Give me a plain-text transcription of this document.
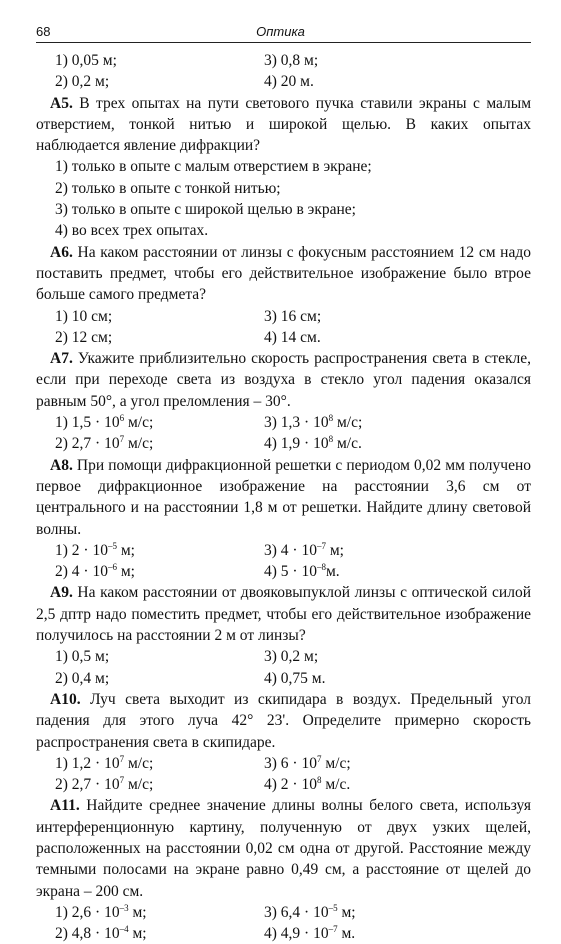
68	Оптика
1) 0,05 м;	3) 0,8 м;
2) 0,2 м;	4) 20 м.
А5. В трех опытах на пути светового пучка ставили экраны с малым отверстием, тонкой нитью и широкой щелью. В каких опытах наблюдается явление дифракции?
1) только в опыте с малым отверстием в экране;
2) только в опыте с тонкой нитью;
3) только в опыте с широкой щелью в экране;
4) во всех трех опытах.
А6. На каком расстоянии от линзы с фокусным расстоянием 12 см надо поставить предмет, чтобы его действительное изображение было втрое больше самого предмета?
1) 10 см;	3) 16 см;
2) 12 см;	4) 14 см.
А7. Укажите приблизительно скорость распространения света в стекле, если при переходе света из воздуха в стекло угол падения оказался равным 50°, а угол преломления – 30°.
1) $1,5 \cdot 10^6$ м/с;	3) $1,3 \cdot 10^8$ м/с;
2) $2,7 \cdot 10^7$ м/с;	4) $1,9 \cdot 10^8$ м/с.
А8. При помощи дифракционной решетки с периодом 0,02 мм получено первое дифракционное изображение на расстоянии 3,6 см от центрального и на расстоянии 1,8 м от решетки. Найдите длину световой волны.
1) $2 \cdot 10^{-5}$ м;	3) $4 \cdot 10^{-7}$ м;
2) $4 \cdot 10^{-6}$ м;	4) $5 \cdot 10^{-8}м$.
А9. На каком расстоянии от двояковыпуклой линзы с оптической силой 2,5 дптр надо поместить предмет, чтобы его действительное изображение получилось на расстоянии 2 м от линзы?
1) 0,5 м;	3) 0,2 м;
2) 0,4 м;	4) 0,75 м.
А10. Луч света выходит из скипидара в воздух. Предельный угол падения для этого луча 42° 23'. Определите примерно скорость распространения света в скипидаре.
1) $1,2 \cdot 10^7$ м/с;	3) $6 \cdot 10^7$ м/с;
2) $2,7 \cdot 10^7$ м/с;	4) $2 \cdot 10^8$ м/с.
А11. Найдите среднее значение длины волны белого света, используя интерференционную картину, полученную от двух узких щелей, расположенных на расстоянии 0,02 см одна от другой. Расстояние между темными полосами на экране равно 0,49 см, а расстояние от щелей до экрана – 200 см.
1) $2,6 \cdot 10^{-3}$ м;	3) $6,4 \cdot 10^{-5}$ м;
2) $4,8 \cdot 10^{-4}$ м;	4) $4,9 \cdot 10^{-7}$ м.
